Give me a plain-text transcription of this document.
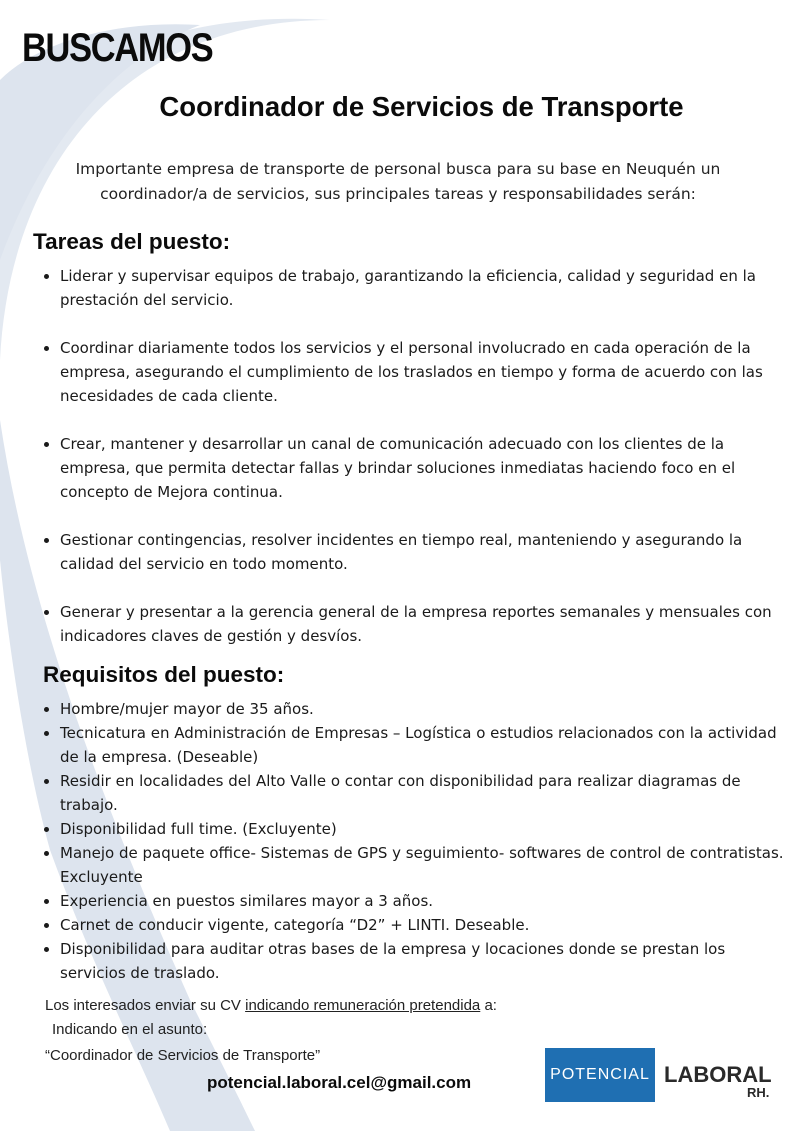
BUSCAMOS
Coordinador de Servicios de Transporte
Importante empresa de transporte de personal busca para su base en Neuquén un coordinador/a de servicios, sus principales tareas y responsabilidades serán:
Tareas del puesto:
• Liderar y supervisar equipos de trabajo, garantizando la eficiencia, calidad y seguridad en la prestación del servicio.
• Coordinar diariamente todos los servicios y el personal involucrado en cada operación de la empresa, asegurando el cumplimiento de los traslados en tiempo y forma de acuerdo con las necesidades de cada cliente.
• Crear, mantener y desarrollar un canal de comunicación adecuado con los clientes de la empresa, que permita detectar fallas y brindar soluciones inmediatas haciendo foco en el concepto de Mejora continua.
• Gestionar contingencias, resolver incidentes en tiempo real, manteniendo y asegurando la calidad del servicio en todo momento.
• Generar y presentar a la gerencia general de la empresa reportes semanales y mensuales con indicadores claves de gestión y desvíos.
Requisitos del puesto:
• Hombre/mujer mayor de 35 años.
• Tecnicatura en Administración de Empresas – Logística o estudios relacionados con la actividad de la empresa. (Deseable)
• Residir en localidades del Alto Valle o contar con disponibilidad para realizar diagramas de trabajo.
• Disponibilidad full time. (Excluyente)
• Manejo de paquete office- Sistemas de GPS y seguimiento- softwares de control de contratistas. Excluyente
• Experiencia en puestos similares mayor a 3 años.
• Carnet de conducir vigente, categoría “D2” + LINTI. Deseable.
• Disponibilidad para auditar otras bases de la empresa y locaciones donde se prestan los servicios de traslado.
Los interesados enviar su CV indicando remuneración pretendida a:
Indicando en el asunto:
“Coordinador de Servicios de Transporte”
potencial.laboral.cel@gmail.com	POTENCIAL LABORAL
RH.
